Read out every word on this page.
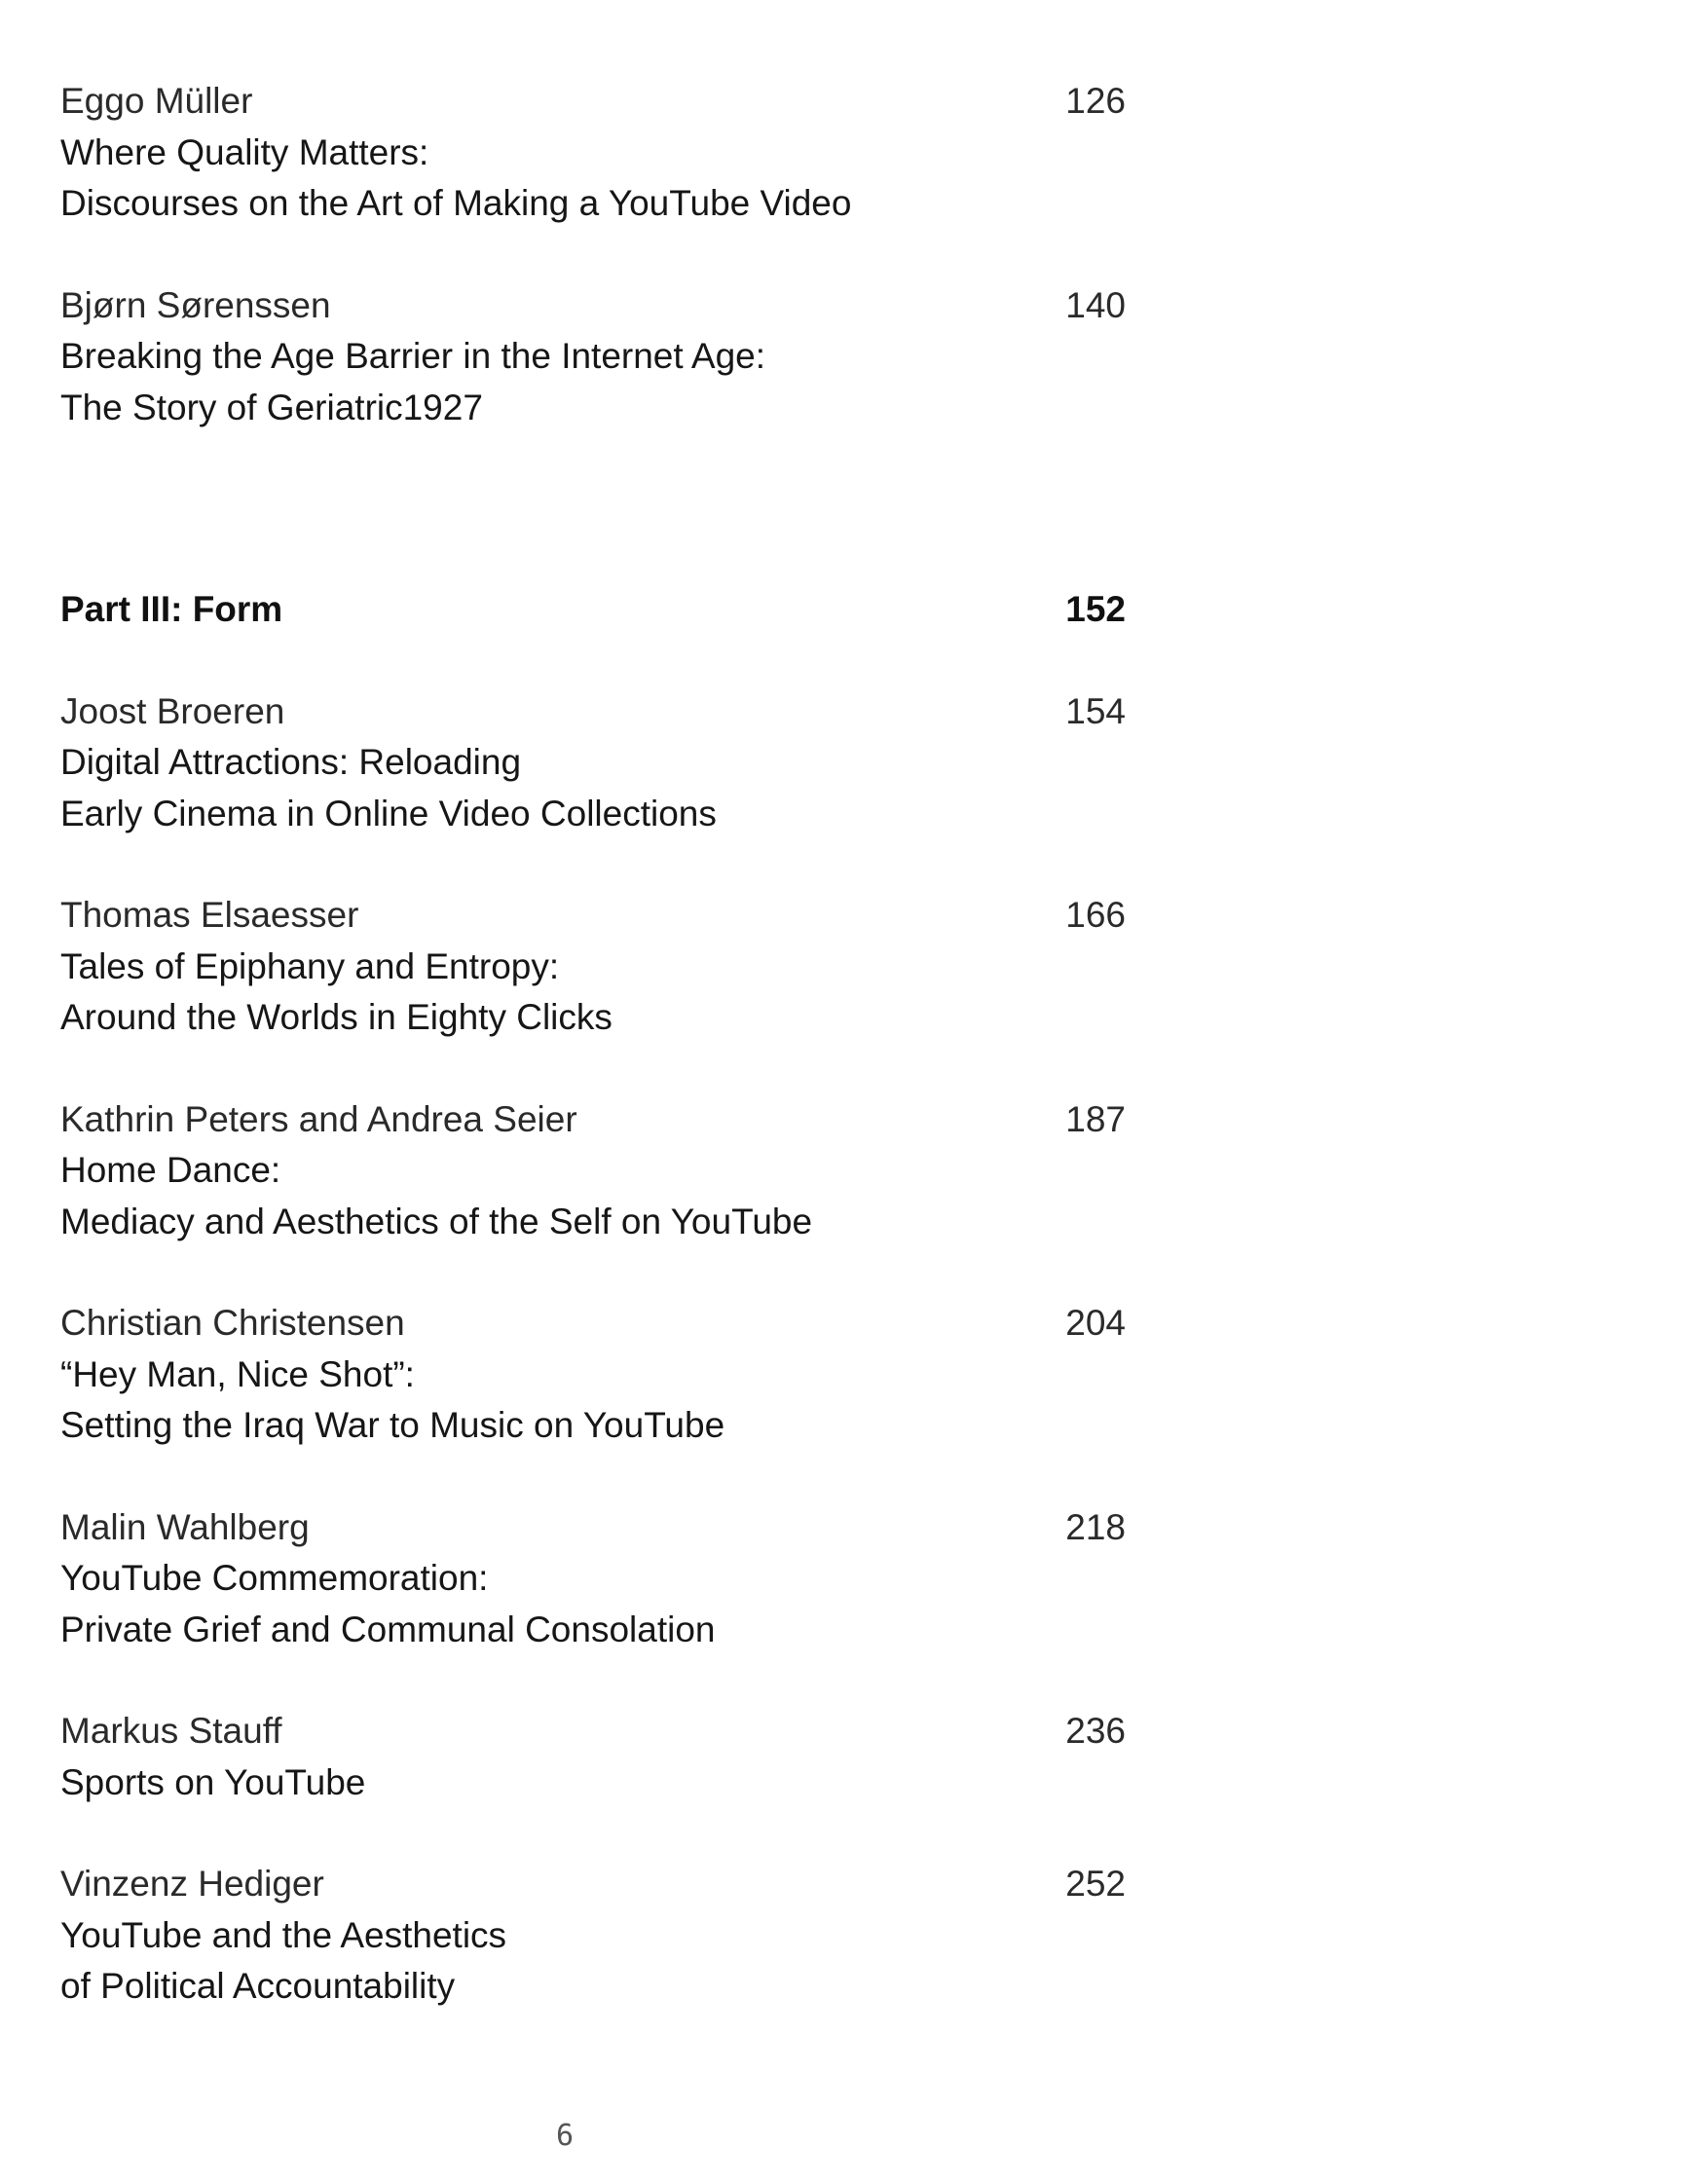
Eggo Müller	126
Where Quality Matters:
Discourses on the Art of Making a YouTube Video
Bjørn Sørenssen	140
Breaking the Age Barrier in the Internet Age:
The Story of Geriatric1927
Part III: Form	152
Joost Broeren	154
Digital Attractions: Reloading
Early Cinema in Online Video Collections
Thomas Elsaesser	166
Tales of Epiphany and Entropy:
Around the Worlds in Eighty Clicks
Kathrin Peters and Andrea Seier	187
Home Dance:
Mediacy and Aesthetics of the Self on YouTube
Christian Christensen	204
“Hey Man, Nice Shot”:
Setting the Iraq War to Music on YouTube
Malin Wahlberg	218
YouTube Commemoration:
Private Grief and Communal Consolation
Markus Stauff	236
Sports on YouTube
Vinzenz Hediger	252
YouTube and the Aesthetics
of Political Accountability
6
